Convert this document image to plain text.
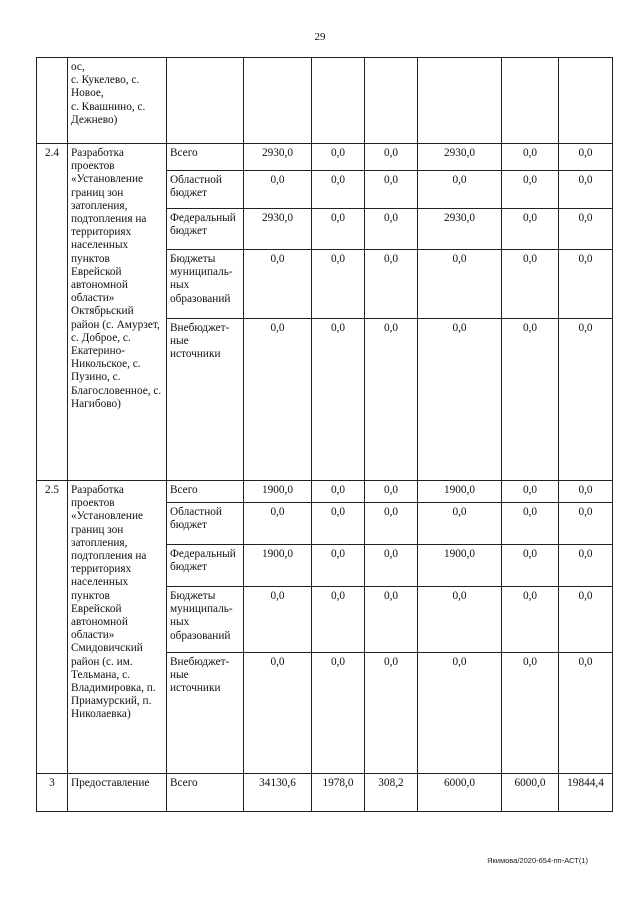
29
	ос,
с. Кукелево, с. Новое,
с. Квашнино, с. Дежнево)							
2.4	Разработка проектов «Установление границ зон затопления, подтопления на территориях населенных пунктов Еврейской автономной области» Октябрьский район (с. Амурзет, с. Доброе, с. Екатерино-Никольское, с. Пузино, с. Благословенное, с. Нагибово)	Всего	2930,0	0,0	0,0	2930,0	0,0	0,0
		Областной бюджет	0,0	0,0	0,0	0,0	0,0	0,0
		Федеральный бюджет	2930,0	0,0	0,0	2930,0	0,0	0,0
		Бюджеты муниципаль-ных образований	0,0	0,0	0,0	0,0	0,0	0,0
		Внебюджет-ные источники	0,0	0,0	0,0	0,0	0,0	0,0
2.5	Разработка проектов «Установление границ зон затопления, подтопления на территориях населенных пунктов Еврейской автономной области» Смидовичский район (с. им. Тельмана, с. Владимировка, п. Приамурский, п. Николаевка)	Всего	1900,0	0,0	0,0	1900,0	0,0	0,0
		Областной бюджет	0,0	0,0	0,0	0,0	0,0	0,0
		Федеральный бюджет	1900,0	0,0	0,0	1900,0	0,0	0,0
		Бюджеты муниципаль-ных образований	0,0	0,0	0,0	0,0	0,0	0,0
		Внебюджет-ные источники	0,0	0,0	0,0	0,0	0,0	0,0
3	Предоставление	Всего	34130,6	1978,0	308,2	6000,0	6000,0	19844,4
Якимова/2020-654-пп-АСТ(1)
